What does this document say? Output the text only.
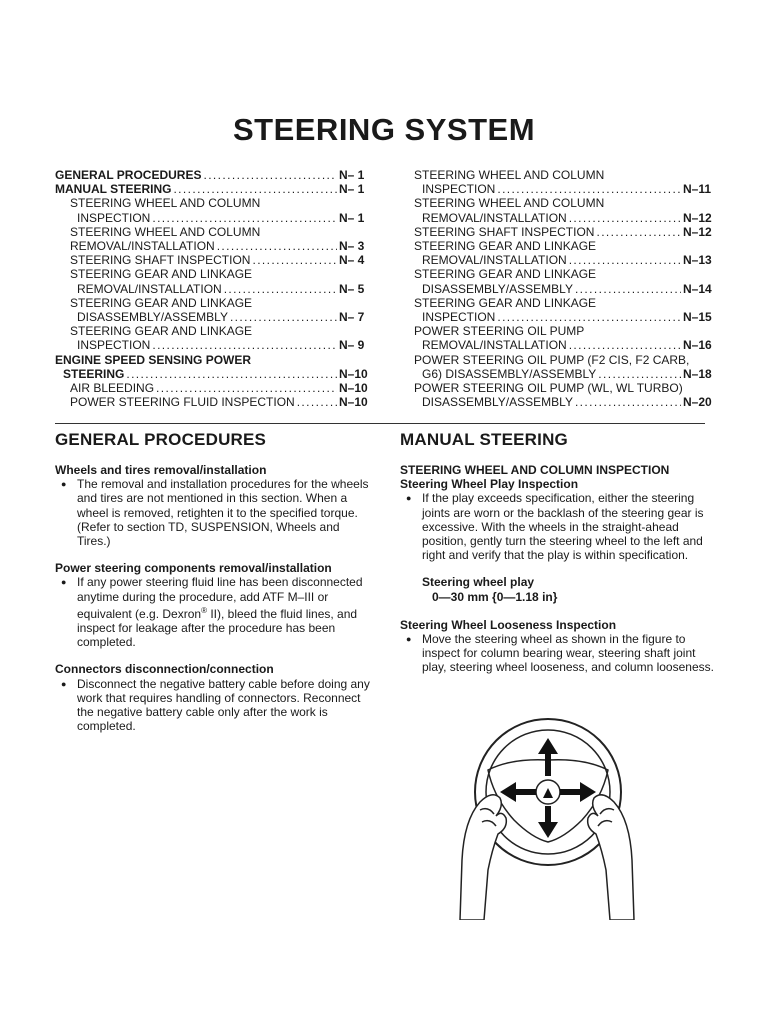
STEERING SYSTEM
GENERAL PROCEDURES .....	N– 1
MANUAL STEERING .....	N– 1
STEERING WHEEL AND COLUMN
INSPECTION .....	N– 1
STEERING WHEEL AND COLUMN
REMOVAL/INSTALLATION .....	N– 3
STEERING SHAFT INSPECTION .....	N– 4
STEERING GEAR AND LINKAGE
REMOVAL/INSTALLATION .....	N– 5
STEERING GEAR AND LINKAGE
DISASSEMBLY/ASSEMBLY .....	N– 7
STEERING GEAR AND LINKAGE
INSPECTION .....	N– 9
ENGINE SPEED SENSING POWER
STEERING .....	N–10
AIR BLEEDING .....	N–10
POWER STEERING FLUID INSPECTION .....	N–10
STEERING WHEEL AND COLUMN
INSPECTION .....	N–11
STEERING WHEEL AND COLUMN
REMOVAL/INSTALLATION .....	N–12
STEERING SHAFT INSPECTION .....	N–12
STEERING GEAR AND LINKAGE
REMOVAL/INSTALLATION .....	N–13
STEERING GEAR AND LINKAGE
DISASSEMBLY/ASSEMBLY .....	N–14
STEERING GEAR AND LINKAGE
INSPECTION .....	N–15
POWER STEERING OIL PUMP
REMOVAL/INSTALLATION .....	N–16
POWER STEERING OIL PUMP (F2 CIS, F2 CARB,
G6) DISASSEMBLY/ASSEMBLY .....	N–18
POWER STEERING OIL PUMP (WL, WL TURBO)
DISASSEMBLY/ASSEMBLY .....	N–20
GENERAL PROCEDURES
Wheels and tires removal/installation
● The removal and installation procedures for the wheels and tires are not mentioned in this section. When a wheel is removed, retighten it to the specified torque. (Refer to section TD, SUSPENSION, Wheels and Tires.)
Power steering components removal/installation
● If any power steering fluid line has been disconnected anytime during the procedure, add ATF M–III or equivalent (e.g. Dexron® II), bleed the fluid lines, and inspect for leakage after the procedure has been completed.
Connectors disconnection/connection
● Disconnect the negative battery cable before doing any work that requires handling of connectors. Reconnect the negative battery cable only after the work is completed.
MANUAL STEERING
STEERING WHEEL AND COLUMN INSPECTION
Steering Wheel Play Inspection
● If the play exceeds specification, either the steering joints are worn or the backlash of the steering gear is excessive. With the wheels in the straight-ahead position, gently turn the steering wheel to the left and right and verify that the play is within specification.
Steering wheel play
0—30 mm {0—1.18 in}
Steering Wheel Looseness Inspection
● Move the steering wheel as shown in the figure to inspect for column bearing wear, steering shaft joint play, steering wheel looseness, and column looseness.
